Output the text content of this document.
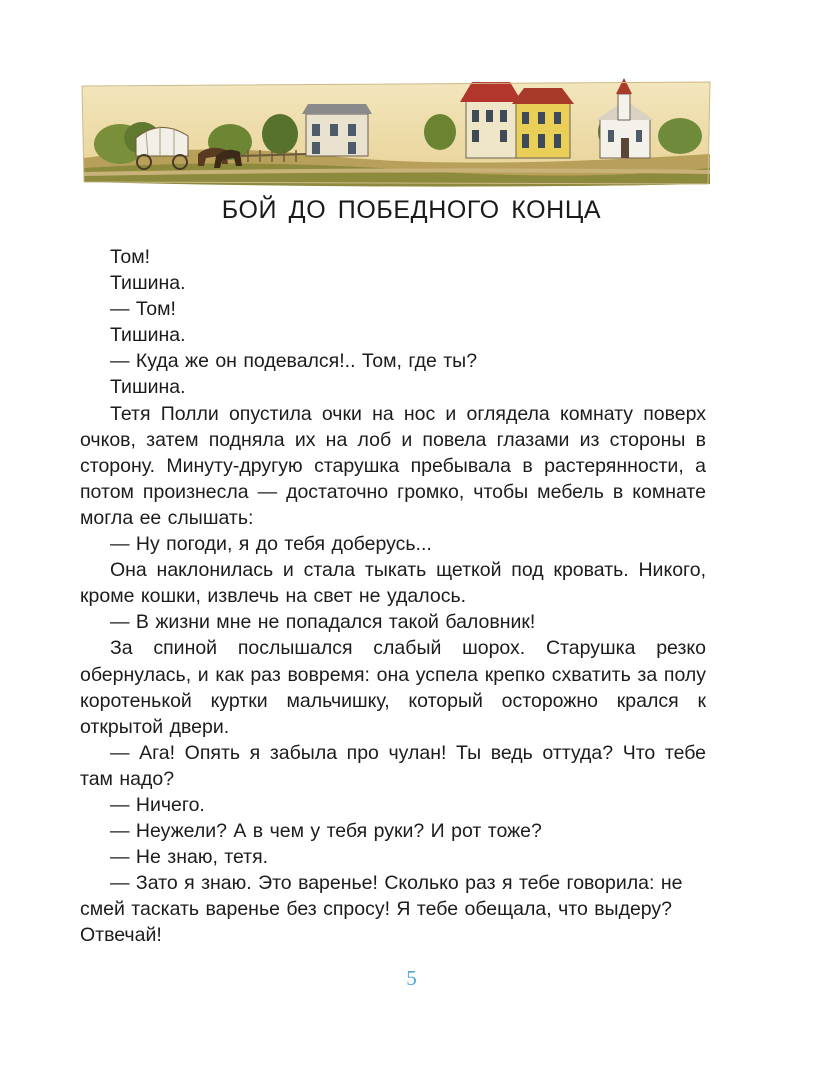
БОЙ ДО ПОБЕДНОГО КОНЦА

Том!

Тишина.

— Том!

Тишина.

— Куда же он подевался!.. Том, где ты?

Тишина.

Тетя Полли опустила очки на нос и оглядела комнату поверх очков, затем подняла их на лоб и повела глазами из стороны в сторону. Минуту-другую старушка пребывала в растерянности, а потом произнесла — достаточно громко, чтобы мебель в комнате могла ее слышать:

— Ну погоди, я до тебя доберусь...

Она наклонилась и стала тыкать щеткой под кровать. Никого, кроме кошки, извлечь на свет не удалось.

— В жизни мне не попадался такой баловник!

За спиной послышался слабый шорох. Старушка резко обернулась, и как раз вовремя: она успела крепко схватить за полу коротенькой куртки мальчишку, который осторожно крался к открытой двери.

— Ага! Опять я забыла про чулан! Ты ведь оттуда? Что тебе там надо?

— Ничего.

— Неужели? А в чем у тебя руки? И рот тоже?

— Не знаю, тетя.

— Зато я знаю. Это варенье! Сколько раз я тебе говорила: не смей таскать варенье без спросу! Я тебе обещала, что выдеру? Отвечай!

5
